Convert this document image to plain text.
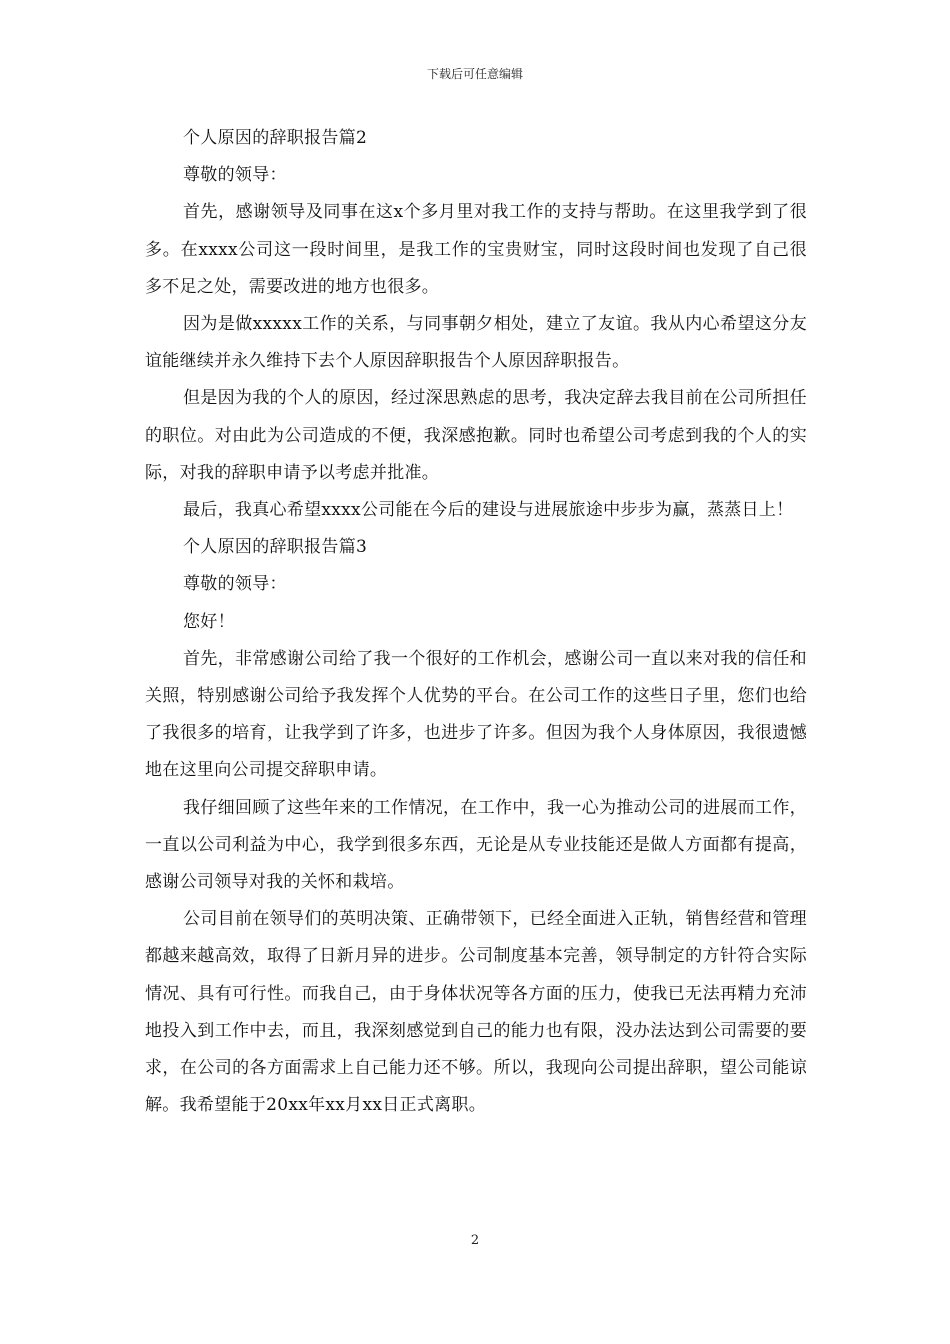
下载后可任意编辑

个人原因的辞职报告篇2

尊敬的领导：

首先，感谢领导及同事在这x个多月里对我工作的支持与帮助。在这里我学到了很多。在xxxx公司这一段时间里，是我工作的宝贵财宝，同时这段时间也发现了自己很多不足之处，需要改进的地方也很多。

因为是做xxxxx工作的关系，与同事朝夕相处，建立了友谊。我从内心希望这分友谊能继续并永久维持下去个人原因辞职报告个人原因辞职报告。

但是因为我的个人的原因，经过深思熟虑的思考，我决定辞去我目前在公司所担任的职位。对由此为公司造成的不便，我深感抱歉。同时也希望公司考虑到我的个人的实际，对我的辞职申请予以考虑并批准。

最后，我真心希望xxxx公司能在今后的建设与进展旅途中步步为赢，蒸蒸日上！

个人原因的辞职报告篇3

尊敬的领导：

您好！

首先，非常感谢公司给了我一个很好的工作机会，感谢公司一直以来对我的信任和关照，特别感谢公司给予我发挥个人优势的平台。在公司工作的这些日子里，您们也给了我很多的培育，让我学到了许多，也进步了许多。但因为我个人身体原因，我很遗憾地在这里向公司提交辞职申请。

我仔细回顾了这些年来的工作情况，在工作中，我一心为推动公司的进展而工作，一直以公司利益为中心，我学到很多东西，无论是从专业技能还是做人方面都有提高，感谢公司领导对我的关怀和栽培。

公司目前在领导们的英明决策、正确带领下，已经全面进入正轨，销售经营和管理都越来越高效，取得了日新月异的进步。公司制度基本完善，领导制定的方针符合实际情况、具有可行性。而我自己，由于身体状况等各方面的压力，使我已无法再精力充沛地投入到工作中去，而且，我深刻感觉到自己的能力也有限，没办法达到公司需要的要求，在公司的各方面需求上自己能力还不够。所以，我现向公司提出辞职，望公司能谅解。我希望能于20xx年xx月xx日正式离职。

2
